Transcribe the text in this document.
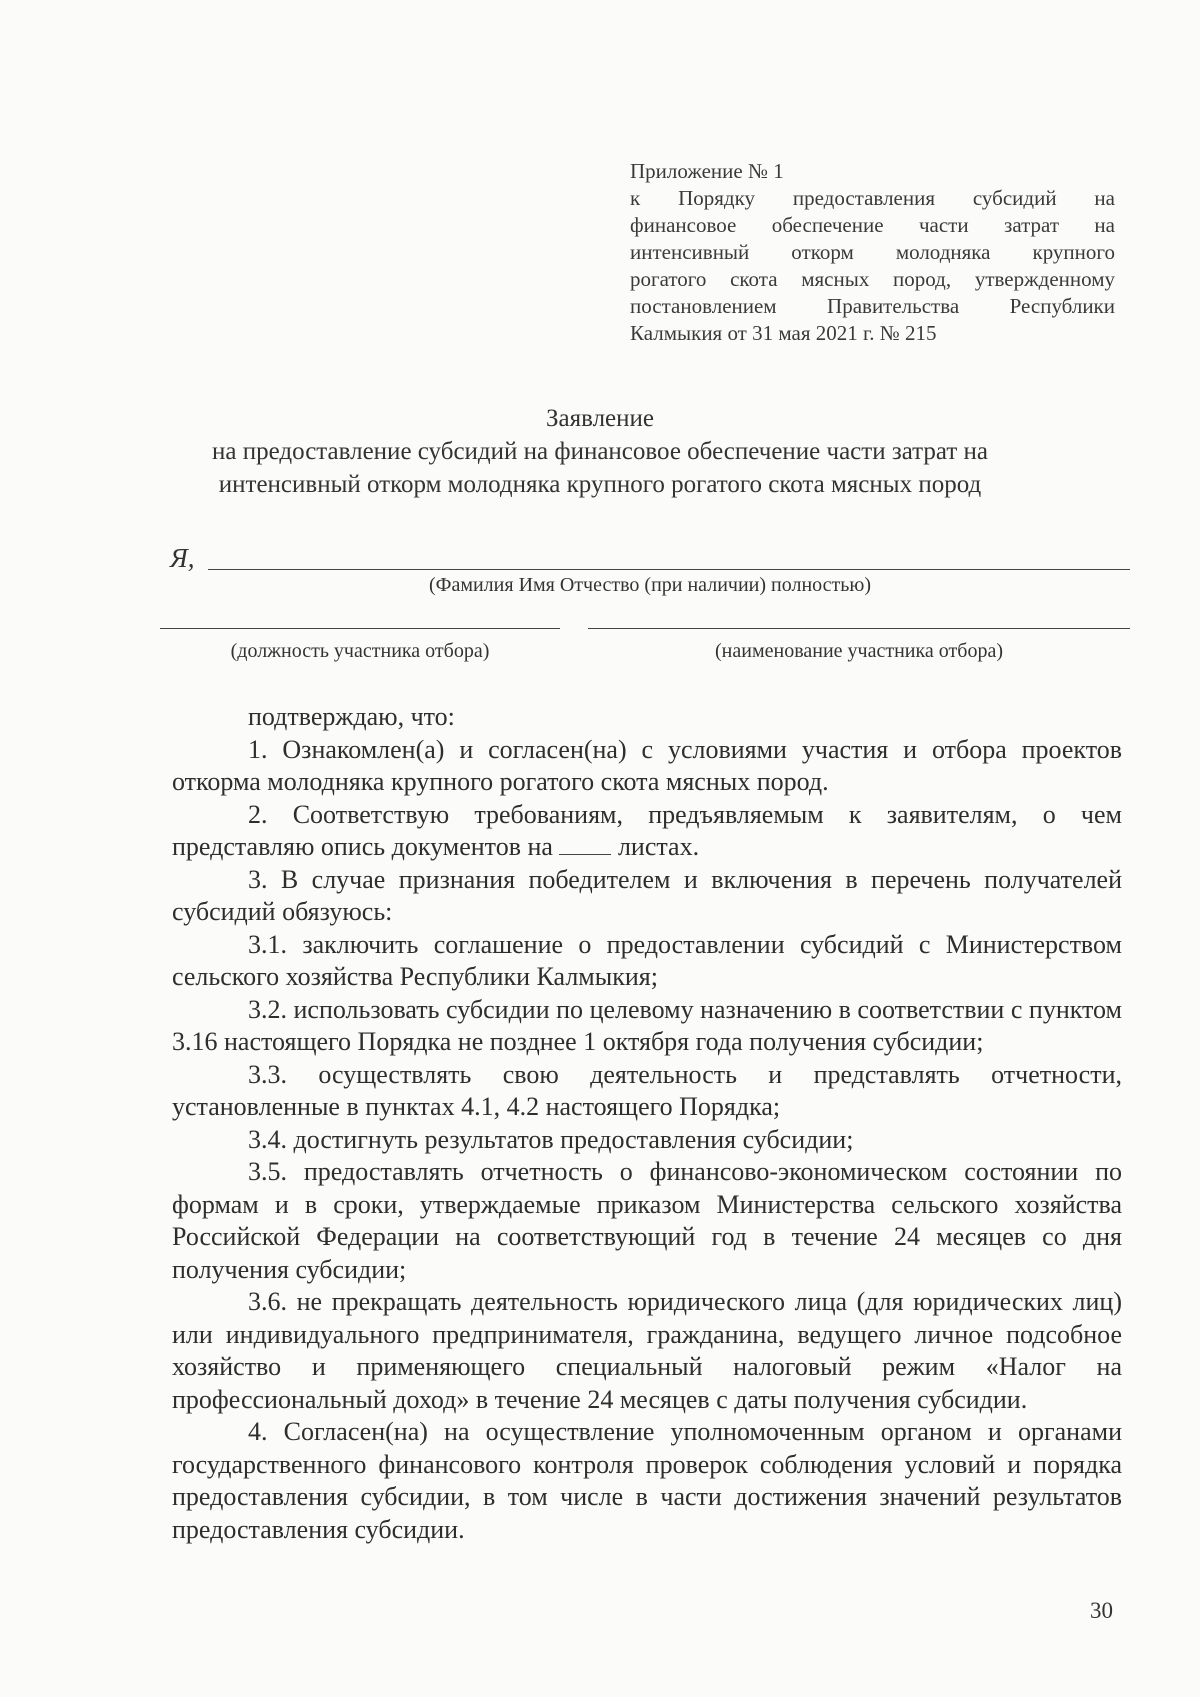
Приложение № 1
к Порядку предоставления субсидий на
финансовое обеспечение части затрат на
интенсивный откорм молодняка крупного
рогатого скота мясных пород, утвержденному
постановлением Правительства Республики
Калмыкия от 31 мая 2021 г. № 215
Заявление
на предоставление субсидий на финансовое обеспечение части затрат на
интенсивный откорм молодняка крупного рогатого скота мясных пород
Я,
(Фамилия Имя Отчество (при наличии) полностью)
(должность участника отбора)	(наименование участника отбора)

подтверждаю, что:

1. Ознакомлен(а) и согласен(на) с условиями участия и отбора проектов откорма молодняка крупного рогатого скота мясных пород.

2. Соответствую требованиям, предъявляемым к заявителям, о чем представляю опись документов на  листах.

3. В случае признания победителем и включения в перечень получателей субсидий обязуюсь:

3.1. заключить соглашение о предоставлении субсидий с Министерством сельского хозяйства Республики Калмыкия;

3.2. использовать субсидии по целевому назначению в соответствии с пунктом 3.16 настоящего Порядка не позднее 1 октября года получения субсидии;

3.3. осуществлять свою деятельность и представлять отчетности, установленные в пунктах 4.1, 4.2 настоящего Порядка;

3.4. достигнуть результатов предоставления субсидии;

3.5. предоставлять отчетность о финансово-экономическом состоянии по формам и в сроки, утверждаемые приказом Министерства сельского хозяйства Российской Федерации на соответствующий год в течение 24 месяцев со дня получения субсидии;

3.6. не прекращать деятельность юридического лица (для юридических лиц) или индивидуального предпринимателя, гражданина, ведущего личное подсобное хозяйство и применяющего специальный налоговый режим «Налог на профессиональный доход» в течение 24 месяцев с даты получения субсидии.

4. Согласен(на) на осуществление уполномоченным органом и органами государственного финансового контроля проверок соблюдения условий и порядка предоставления субсидии, в том числе в части достижения значений результатов предоставления субсидии.

30
